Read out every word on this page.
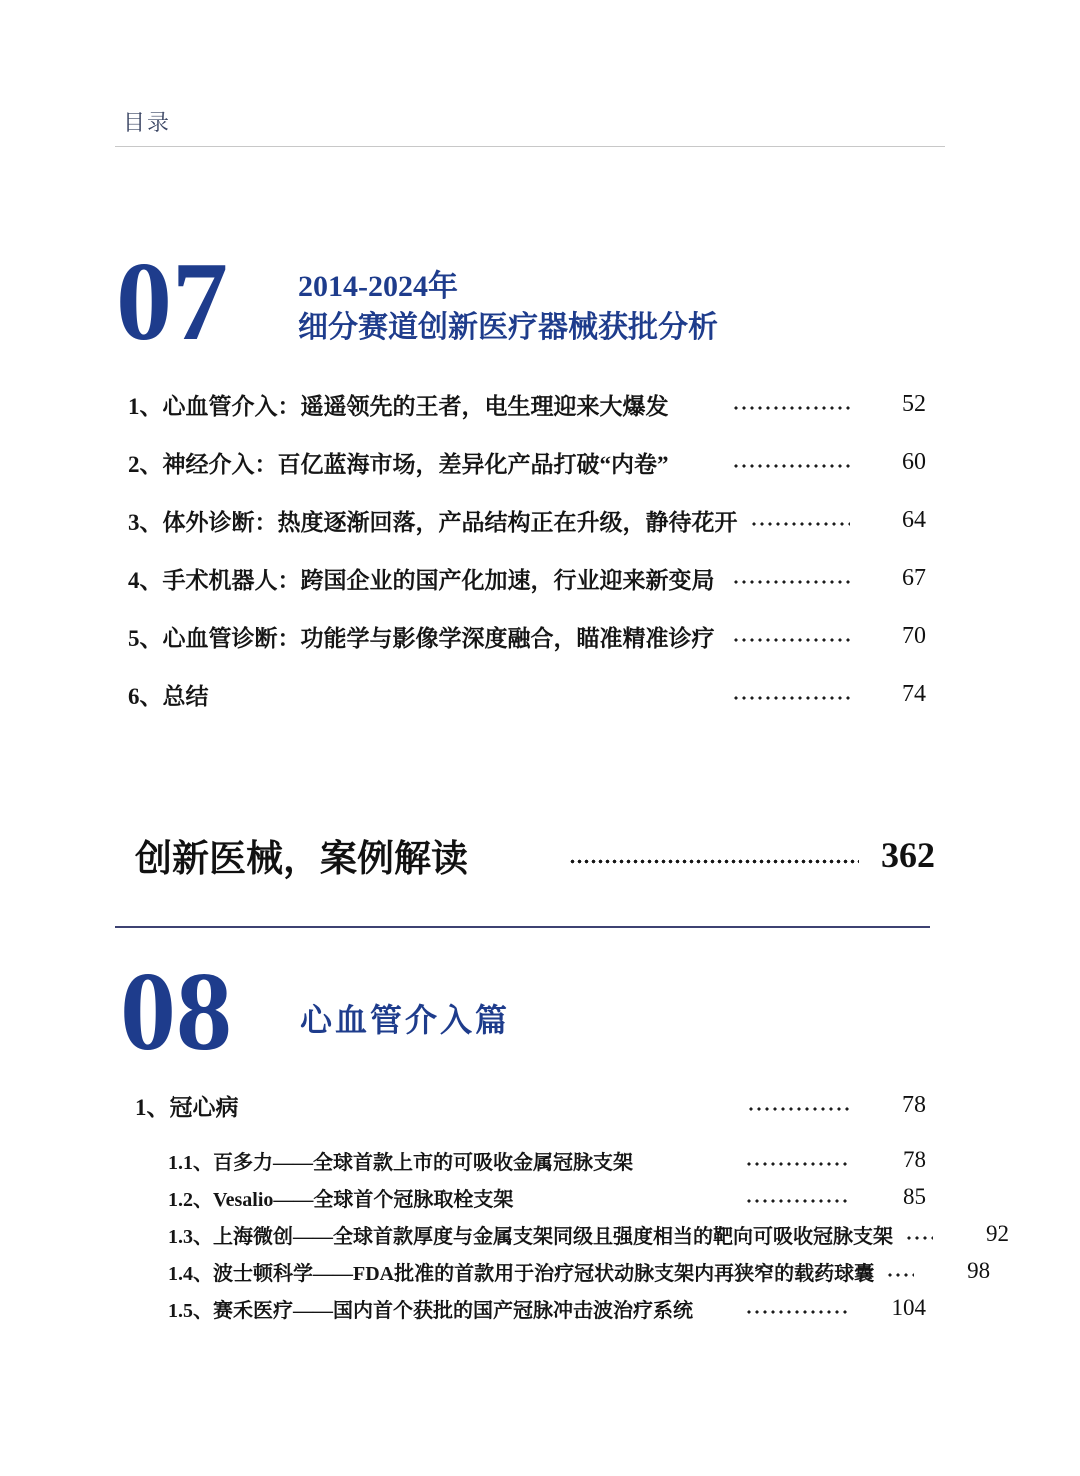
目录
07 2014-2024年
细分赛道创新医疗器械获批分析
1、心血管介入：遥遥领先的王者，电生理迎来大爆发	52
2、神经介入：百亿蓝海市场，差异化产品打破“内卷”	60
3、体外诊断：热度逐渐回落，产品结构正在升级，静待花开	64
4、手术机器人：跨国企业的国产化加速，行业迎来新变局	67
5、心血管诊断：功能学与影像学深度融合，瞄准精准诊疗	70
6、总结	74
创新医械，案例解读	362
08 心血管介入篇
1、冠心病	78
1.1、百多力——全球首款上市的可吸收金属冠脉支架	78
1.2、Vesalio——全球首个冠脉取栓支架	85
1.3、上海微创——全球首款厚度与金属支架同级且强度相当的靶向可吸收冠脉支架	92
1.4、波士顿科学——FDA批准的首款用于治疗冠状动脉支架内再狭窄的载药球囊	98
1.5、赛禾医疗——国内首个获批的国产冠脉冲击波治疗系统	104
